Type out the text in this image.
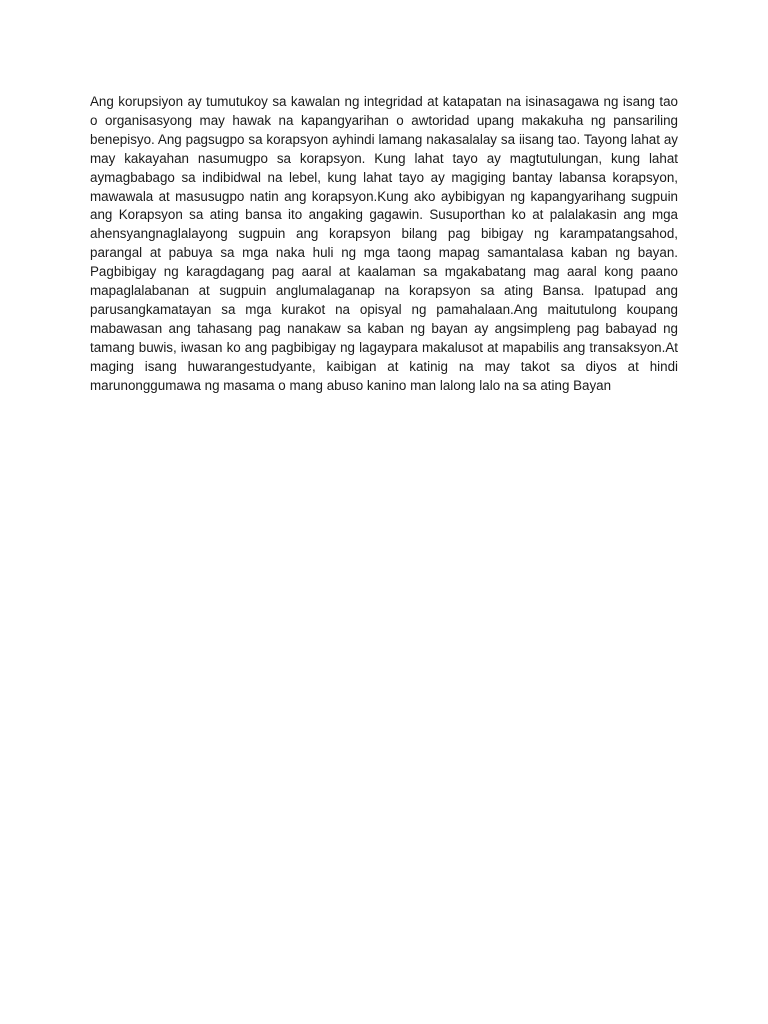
Ang korupsiyon ay tumutukoy sa kawalan ng integridad at katapatan na isinasagawa ng isang tao o organisasyong may hawak na kapangyarihan o awtoridad upang makakuha ng pansariling benepisyo. Ang pagsugpo sa korapsyon ayhindi lamang nakasalalay sa iisang tao. Tayong lahat ay may kakayahan nasumugpo sa korapsyon. Kung lahat tayo ay magtutulungan, kung lahat aymagbabago sa indibidwal na lebel, kung lahat tayo ay magiging bantay labansa korapsyon, mawawala at masusugpo natin ang korapsyon.Kung ako aybibigyan ng kapangyarihang sugpuin ang Korapsyon sa ating bansa ito angaking gagawin. Susuporthan ko at palalakasin ang mga ahensyangnaglalayong sugpuin ang korapsyon bilang pag bibigay ng karampatangsahod, parangal at pabuya sa mga naka huli ng mga taong mapag samantalasa kaban ng bayan. Pagbibigay ng karagdagang pag aaral at kaalaman sa mgakabatang mag aaral kong paano mapaglalabanan at sugpuin anglumalaganap na korapsyon sa ating Bansa. Ipatupad ang parusangkamatayan sa mga kurakot na opisyal ng pamahalaan.Ang maitutulong koupang mabawasan ang tahasang pag nanakaw sa kaban ng bayan ay angsimpleng pag babayad ng tamang buwis, iwasan ko ang pagbibigay ng lagaypara makalusot at mapabilis ang transaksyon.At maging isang huwarangestudyante, kaibigan at katinig na may takot sa diyos at hindi marunonggumawa ng masama o mang abuso kanino man lalong lalo na sa ating Bayan
